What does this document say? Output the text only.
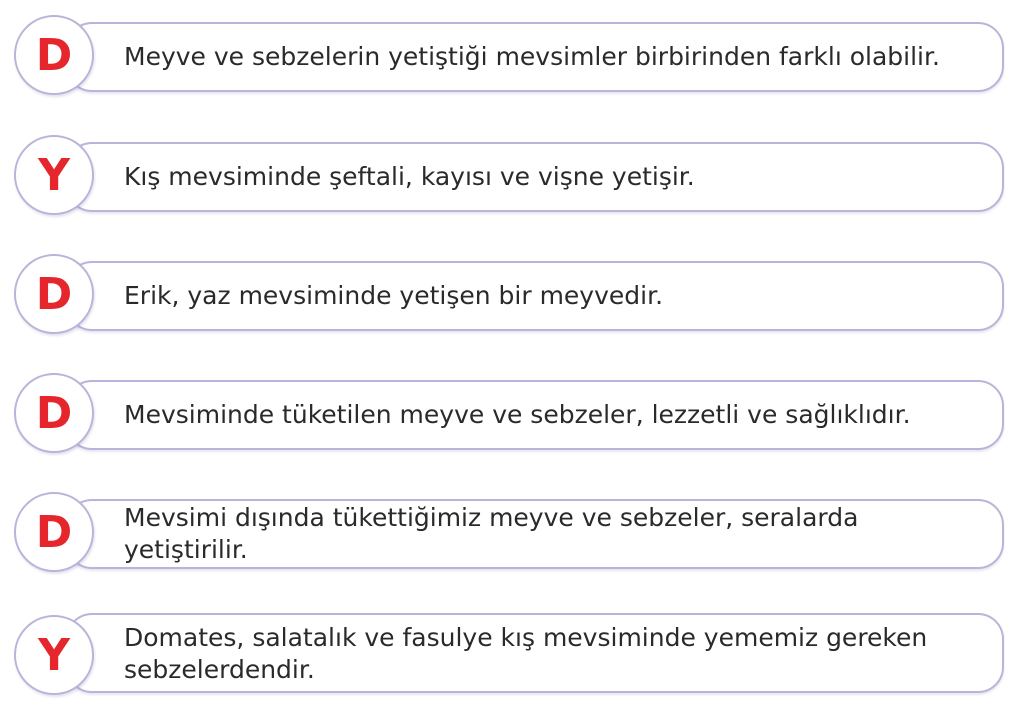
D	Meyve ve sebzelerin yetiştiği mevsimler birbirinden farklı olabilir.
Y	Kış mevsiminde şeftali, kayısı ve vişne yetişir.
D	Erik, yaz mevsiminde yetişen bir meyvedir.
D	Mevsiminde tüketilen meyve ve sebzeler, lezzetli ve sağlıklıdır.
D	Mevsimi dışında tükettiğimiz meyve ve sebzeler, seralarda yetiştirilir.
Y	Domates, salatalık ve fasulye kış mevsiminde yememiz gereken sebzelerdendir.
